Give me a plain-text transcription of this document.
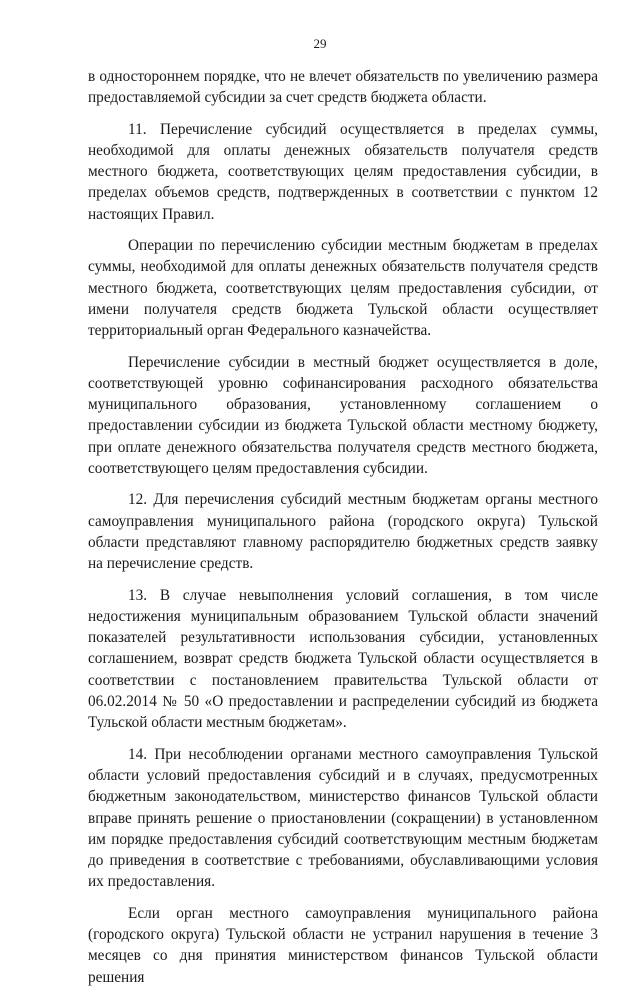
29

в одностороннем порядке, что не влечет обязательств по увеличению размера предоставляемой субсидии за счет средств бюджета области.

11. Перечисление субсидий осуществляется в пределах суммы, необходимой для оплаты денежных обязательств получателя средств местного бюджета, соответствующих целям предоставления субсидии, в пределах объемов средств, подтвержденных в соответствии с пунктом 12 настоящих Правил.

Операции по перечислению субсидии местным бюджетам в пределах суммы, необходимой для оплаты денежных обязательств получателя средств местного бюджета, соответствующих целям предоставления субсидии, от имени получателя средств бюджета Тульской области осуществляет территориальный орган Федерального казначейства.

Перечисление субсидии в местный бюджет осуществляется в доле, соответствующей уровню софинансирования расходного обязательства муниципального образования, установленному соглашением о предоставлении субсидии из бюджета Тульской области местному бюджету, при оплате денежного обязательства получателя средств местного бюджета, соответствующего целям предоставления субсидии.

12. Для перечисления субсидий местным бюджетам органы местного самоуправления муниципального района (городского округа) Тульской области представляют главному распорядителю бюджетных средств заявку на перечисление средств.

13. В случае невыполнения условий соглашения, в том числе недостижения муниципальным образованием Тульской области значений показателей результативности использования субсидии, установленных соглашением, возврат средств бюджета Тульской области осуществляется в соответствии с постановлением правительства Тульской области от 06.02.2014 № 50 «О предоставлении и распределении субсидий из бюджета Тульской области местным бюджетам».

14. При несоблюдении органами местного самоуправления Тульской области условий предоставления субсидий и в случаях, предусмотренных бюджетным законодательством, министерство финансов Тульской области вправе принять решение о приостановлении (сокращении) в установленном им порядке предоставления субсидий соответствующим местным бюджетам до приведения в соответствие с требованиями, обуславливающими условия их предоставления.

Если орган местного самоуправления муниципального района (городского округа) Тульской области не устранил нарушения в течение 3 месяцев со дня принятия министерством финансов Тульской области решения
